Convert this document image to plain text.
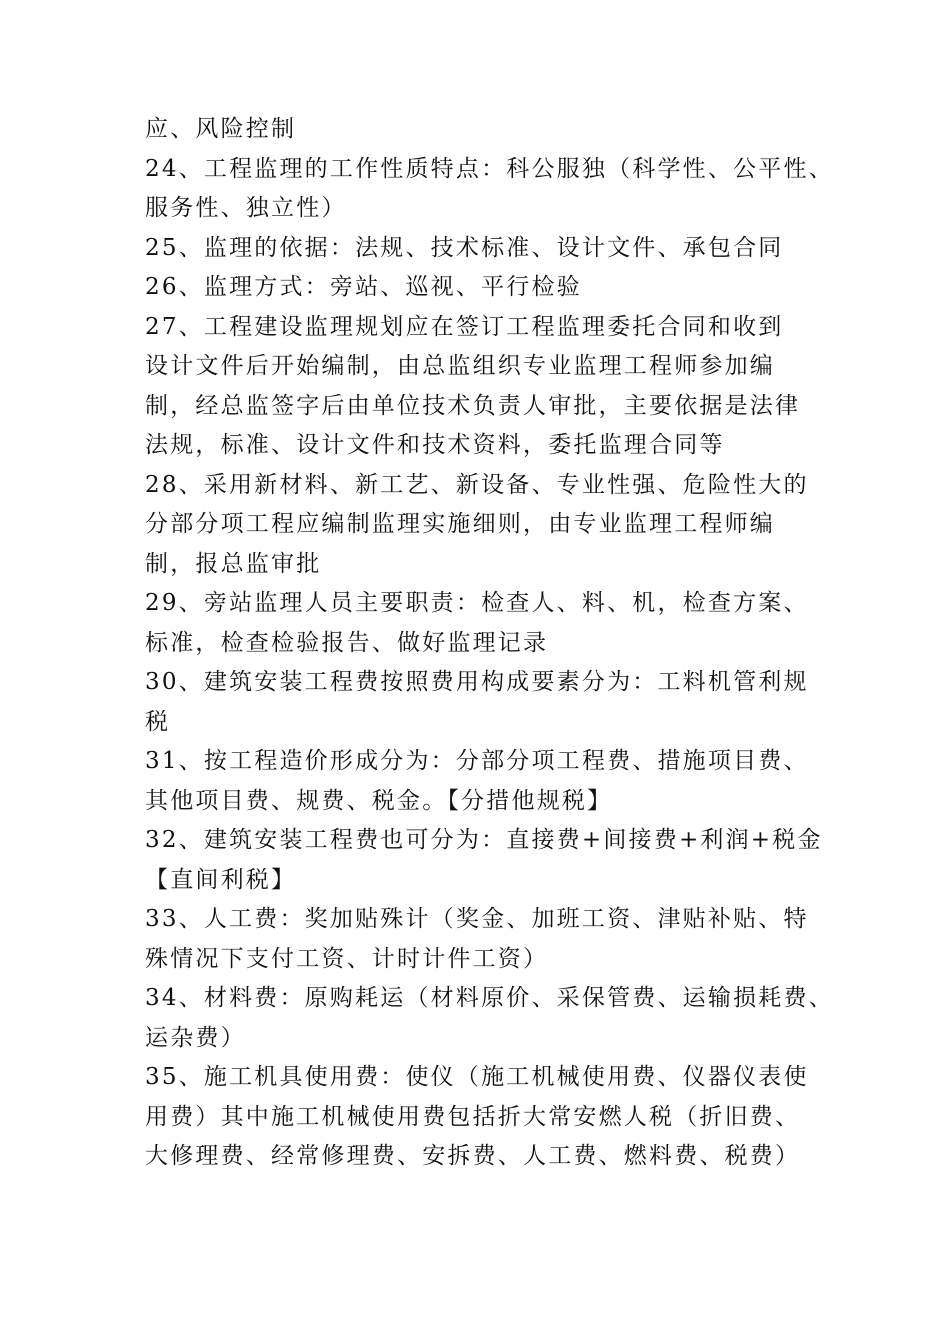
应、风险控制
24、工程监理的工作性质特点：科公服独（科学性、公平性、
服务性、独立性）
25、监理的依据：法规、技术标准、设计文件、承包合同
26、监理方式：旁站、巡视、平行检验
27、工程建设监理规划应在签订工程监理委托合同和收到
设计文件后开始编制，由总监组织专业监理工程师参加编
制，经总监签字后由单位技术负责人审批，主要依据是法律
法规，标准、设计文件和技术资料，委托监理合同等
28、采用新材料、新工艺、新设备、专业性强、危险性大的
分部分项工程应编制监理实施细则，由专业监理工程师编
制，报总监审批
29、旁站监理人员主要职责：检查人、料、机，检查方案、
标准，检查检验报告、做好监理记录
30、建筑安装工程费按照费用构成要素分为：工料机管利规
税
31、按工程造价形成分为：分部分项工程费、措施项目费、
其他项目费、规费、税金。【分措他规税】
32、建筑安装工程费也可分为：直接费+间接费+利润+税金
【直间利税】
33、人工费：奖加贴殊计（奖金、加班工资、津贴补贴、特
殊情况下支付工资、计时计件工资）
34、材料费：原购耗运（材料原价、采保管费、运输损耗费、
运杂费）
35、施工机具使用费：使仪（施工机械使用费、仪器仪表使
用费）其中施工机械使用费包括折大常安燃人税（折旧费、
大修理费、经常修理费、安拆费、人工费、燃料费、税费）
